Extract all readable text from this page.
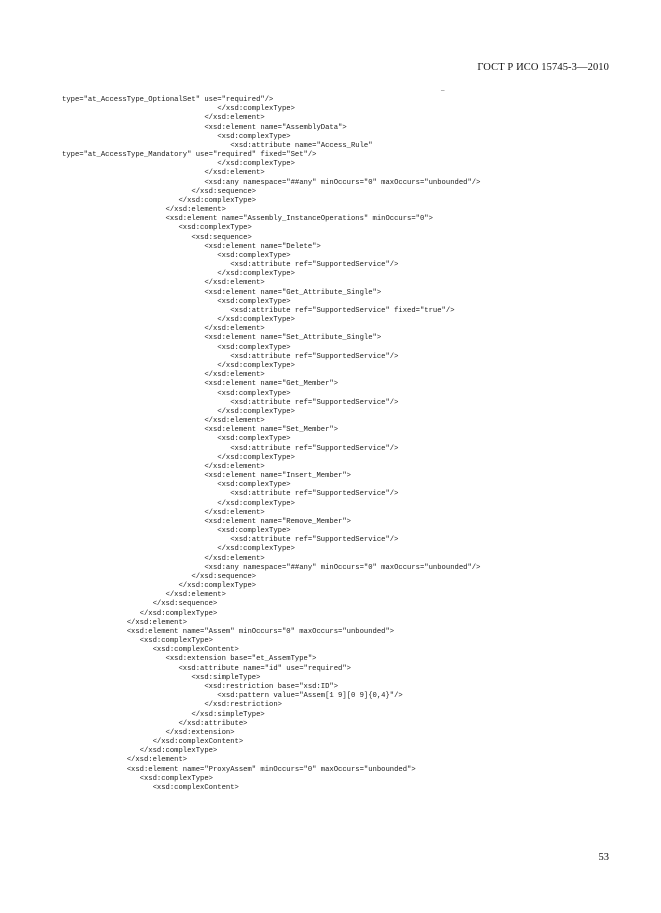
ГОСТ Р ИСО 15745-3—2010
–
type="at_AccessType_OptionalSet" use="required"/>
</xsd:complexType>
</xsd:element>
<xsd:element name="AssemblyData">
<xsd:complexType>
<xsd:attribute name="Access_Rule"
type="at_AccessType_Mandatory" use="required" fixed="Set"/>
</xsd:complexType>
</xsd:element>
<xsd:any namespace="##any" minOccurs="0" maxOccurs="unbounded"/>
</xsd:sequence>
</xsd:complexType>
</xsd:element>
<xsd:element name="Assembly_InstanceOperations" minOccurs="0">
<xsd:complexType>
<xsd:sequence>
<xsd:element name="Delete">
<xsd:complexType>
<xsd:attribute ref="SupportedService"/>
</xsd:complexType>
</xsd:element>
<xsd:element name="Get_Attribute_Single">
<xsd:complexType>
<xsd:attribute ref="SupportedService" fixed="true"/>
</xsd:complexType>
</xsd:element>
<xsd:element name="Set_Attribute_Single">
<xsd:complexType>
<xsd:attribute ref="SupportedService"/>
</xsd:complexType>
</xsd:element>
<xsd:element name="Get_Member">
<xsd:complexType>
<xsd:attribute ref="SupportedService"/>
</xsd:complexType>
</xsd:element>
<xsd:element name="Set_Member">
<xsd:complexType>
<xsd:attribute ref="SupportedService"/>
</xsd:complexType>
</xsd:element>
<xsd:element name="Insert_Member">
<xsd:complexType>
<xsd:attribute ref="SupportedService"/>
</xsd:complexType>
</xsd:element>
<xsd:element name="Remove_Member">
<xsd:complexType>
<xsd:attribute ref="SupportedService"/>
</xsd:complexType>
</xsd:element>
<xsd:any namespace="##any" minOccurs="0" maxOccurs="unbounded"/>
</xsd:sequence>
</xsd:complexType>
</xsd:element>
</xsd:sequence>
</xsd:complexType>
</xsd:element>
<xsd:element name="Assem" minOccurs="0" maxOccurs="unbounded">
<xsd:complexType>
<xsd:complexContent>
<xsd:extension base="et_AssemType">
<xsd:attribute name="id" use="required">
<xsd:simpleType>
<xsd:restriction base="xsd:ID">
<xsd:pattern value="Assem[1 9][0 9]{0,4}"/>
</xsd:restriction>
</xsd:simpleType>
</xsd:attribute>
</xsd:extension>
</xsd:complexContent>
</xsd:complexType>
</xsd:element>
<xsd:element name="ProxyAssem" minOccurs="0" maxOccurs="unbounded">
<xsd:complexType>
<xsd:complexContent>
53
